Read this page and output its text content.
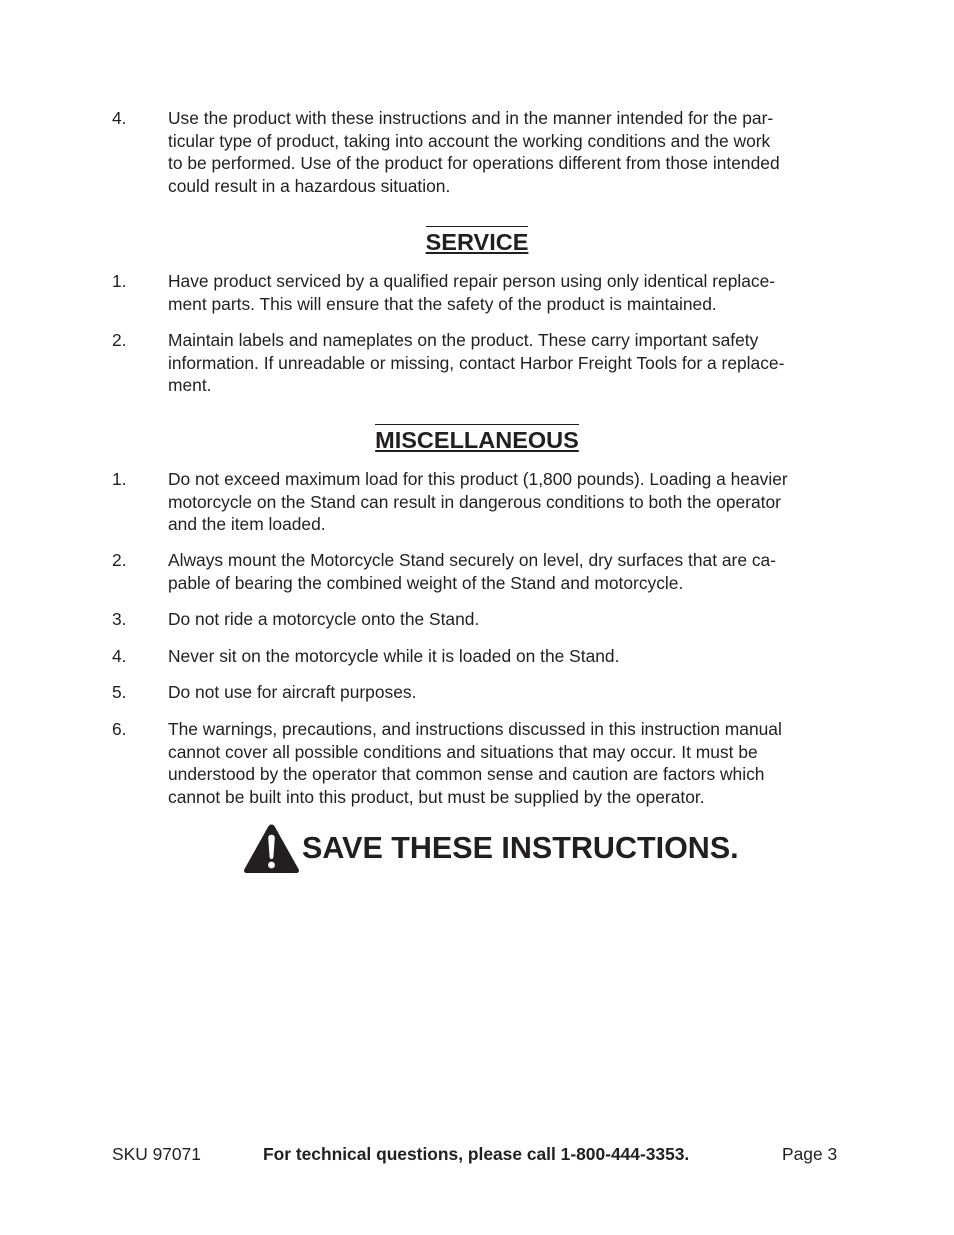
4.	Use the product with these instructions and in the manner intended for the par-
ticular type of product, taking into account the working conditions and the work
to be performed. Use of the product for operations different from those intended
could result in a hazardous situation.
SERVICE
1.	Have product serviced by a qualified repair person using only identical replace-
ment parts. This will ensure that the safety of the product is maintained.
2.	Maintain labels and nameplates on the product. These carry important safety
information. If unreadable or missing, contact Harbor Freight Tools for a replace-
ment.
MISCELLANEOUS
1.	Do not exceed maximum load for this product (1,800 pounds). Loading a heavier
motorcycle on the Stand can result in dangerous conditions to both the operator
and the item loaded.
2.	Always mount the Motorcycle Stand securely on level, dry surfaces that are ca-
pable of bearing the combined weight of the Stand and motorcycle.
3.	Do not ride a motorcycle onto the Stand.
4.	Never sit on the motorcycle while it is loaded on the Stand.
5.	Do not use for aircraft purposes.
6.	The warnings, precautions, and instructions discussed in this instruction manual
cannot cover all possible conditions and situations that may occur. It must be
understood by the operator that common sense and caution are factors which
cannot be built into this product, but must be supplied by the operator.
SAVE THESE INSTRUCTIONS.
SKU 97071	For technical questions, please call 1-800-444-3353.	Page 3
